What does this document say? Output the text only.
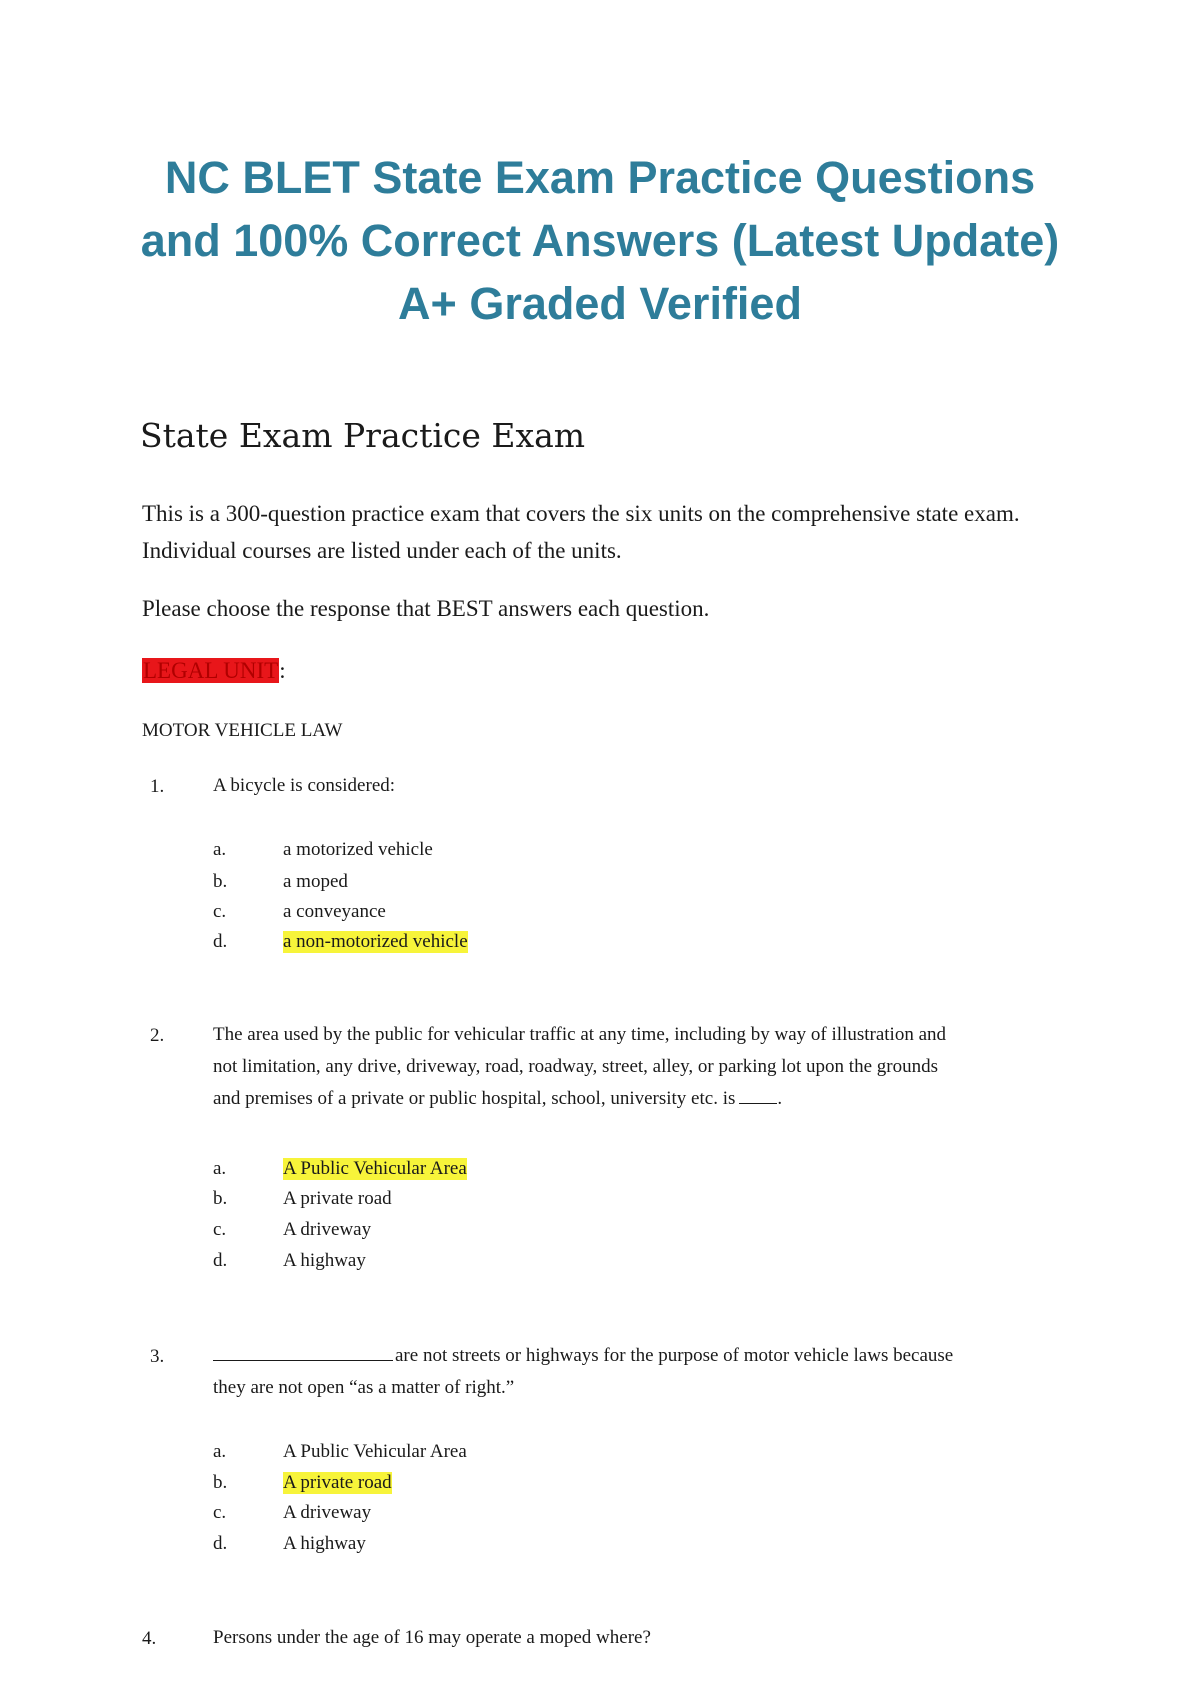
NC BLET State Exam Practice Questions
and 100% Correct Answers (Latest Update)
A+ Graded Verified
State Exam Practice Exam

This is a 300-question practice exam that covers the six units on the comprehensive state exam. Individual courses are listed under each of the units.

Please choose the response that BEST answers each question.

LEGAL UNIT:
MOTOR VEHICLE LAW
1.	A bicycle is considered:

a.	a motorized vehicle
b.	a moped
c.	a conveyance
d.	a non-motorized vehicle
2.	The area used by the public for vehicular traffic at any time, including by way of illustration and
not limitation, any drive, driveway, road, roadway, street, alley, or parking lot upon the grounds
and premises of a private or public hospital, school, university etc. is .
a.	A Public Vehicular Area
b.	A private road
c.	A driveway
d.	A highway
3.	are not streets or highways for the purpose of motor vehicle laws because
they are not open “as a matter of right.”
a.	A Public Vehicular Area
b.	A private road
c.	A driveway
d.	A highway
4.	Persons under the age of 16 may operate a moped where?
